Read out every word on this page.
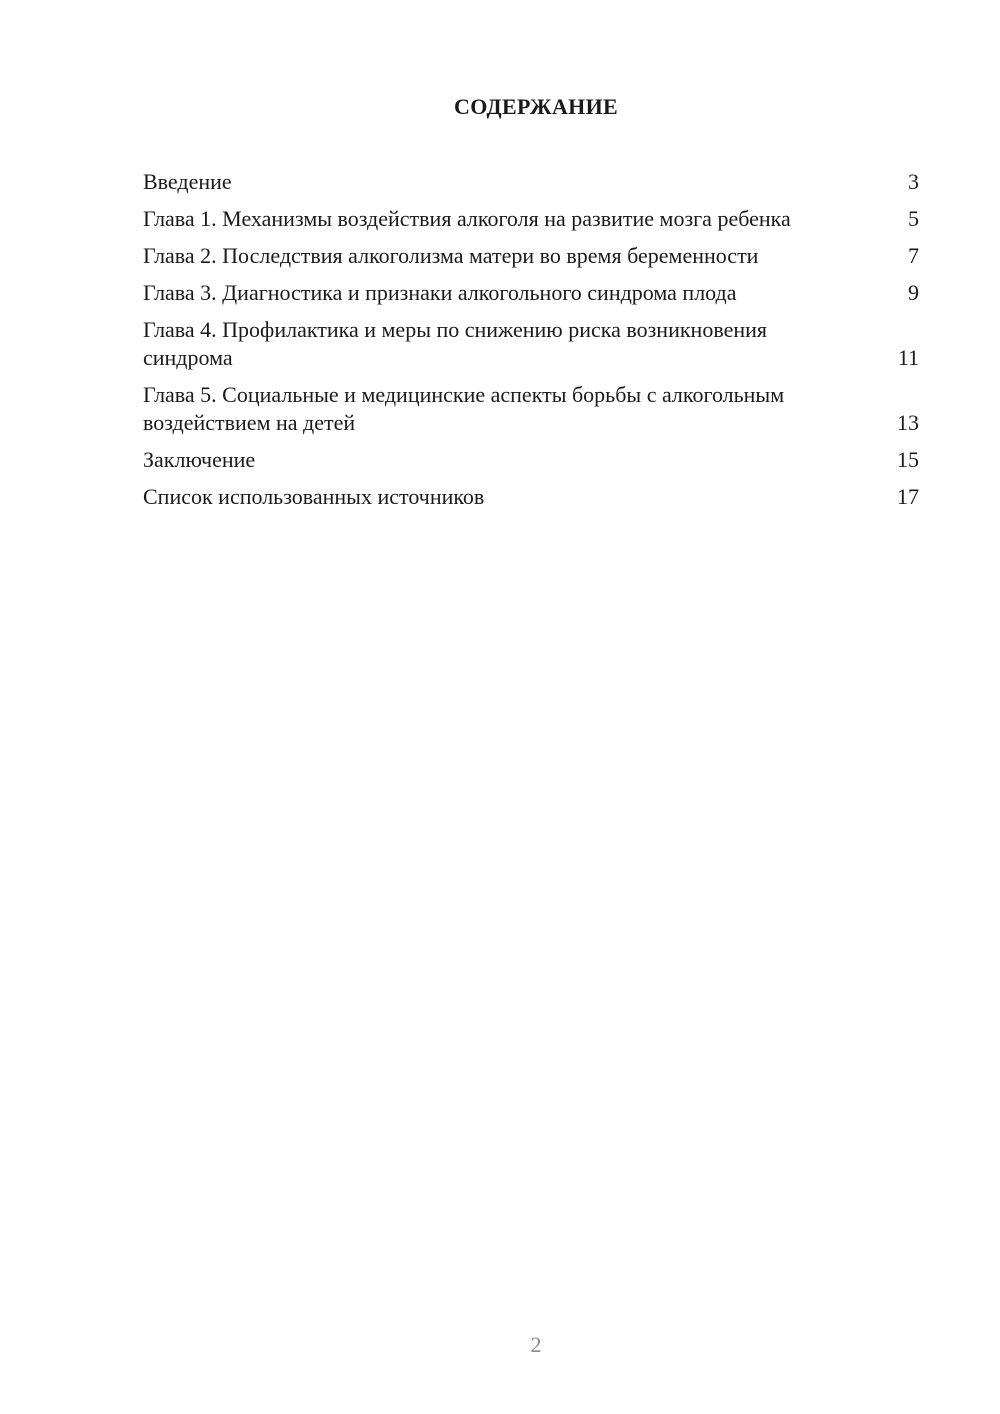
СОДЕРЖАНИЕ
Введение	3
Глава 1. Механизмы воздействия алкоголя на развитие мозга ребенка	5
Глава 2. Последствия алкоголизма матери во время беременности	7
Глава 3. Диагностика и признаки алкогольного синдрома плода	9
Глава 4. Профилактика и меры по снижению риска возникновения синдрома	11
Глава 5. Социальные и медицинские аспекты борьбы с алкогольным воздействием на детей	13
Заключение	15
Список использованных источников	17
2
